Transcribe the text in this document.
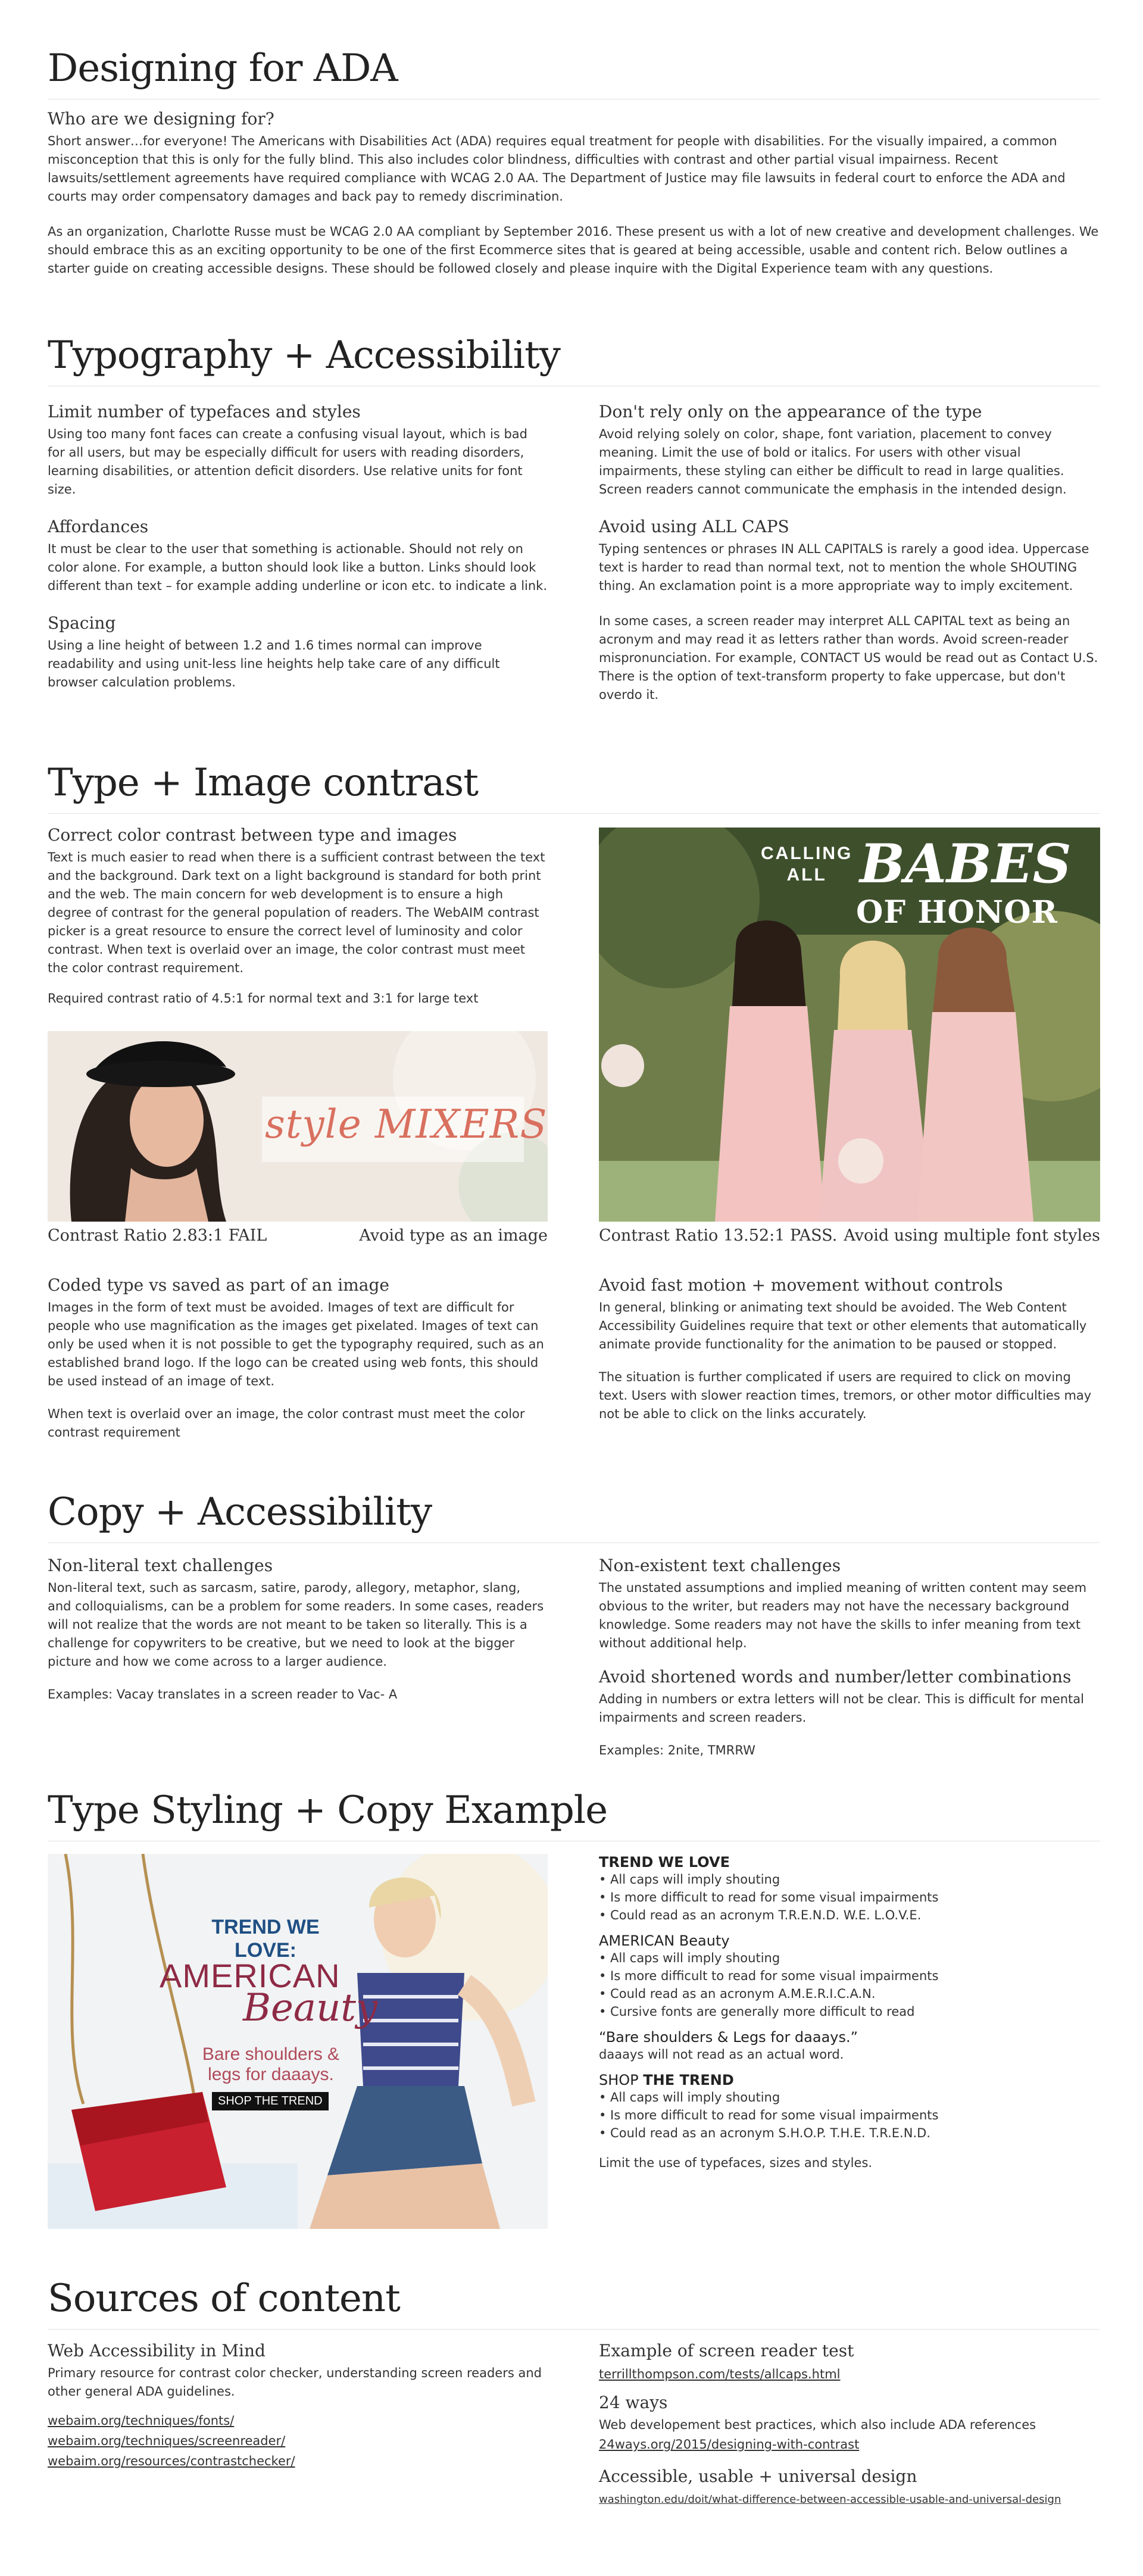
Designing for ADA
Who are we designing for?

Short answer…for everyone! The Americans with Disabilities Act (ADA) requires equal treatment for people with disabilities. For the visually impaired, a common misconception that this is only for the fully blind. This also includes color blindness, difficulties with contrast and other partial visual impairness. Recent lawsuits/settlement agreements have required compliance with WCAG 2.0 AA. The Department of Justice may file lawsuits in federal court to enforce the ADA and courts may order compensatory damages and back pay to remedy discrimination.

As an organization, Charlotte Russe must be WCAG 2.0 AA compliant by September 2016. These present us with a lot of new creative and development challenges. We should embrace this as an exciting opportunity to be one of the first Ecommerce sites that is geared at being accessible, usable and content rich. Below outlines a starter guide on creating accessible designs. These should be followed closely and please inquire with the Digital Experience team with any questions.

Typography + Accessibility
Limit number of typefaces and styles

Using too many font faces can create a confusing visual layout, which is bad for all users, but may be especially difficult for users with reading disorders, learning disabilities, or attention deficit disorders. Use relative units for font size.

Affordances

It must be clear to the user that something is actionable. Should not rely on color alone. For example, a button should look like a button. Links should look different than text – for example adding underline or icon etc. to indicate a link.

Spacing

Using a line height of between 1.2 and 1.6 times normal can improve readability and using unit-less line heights help take care of any difficult browser calculation problems.

Don't rely only on the appearance of the type

Avoid relying solely on color, shape, font variation, placement to convey meaning. Limit the use of bold or italics. For users with other visual impairments, these styling can either be difficult to read in large qualities. Screen readers cannot communicate the emphasis in the intended design.

Avoid using ALL CAPS

Typing sentences or phrases IN ALL CAPITALS is rarely a good idea. Uppercase text is harder to read than normal text, not to mention the whole SHOUTING thing. An exclamation point is a more appropriate way to imply excitement.

In some cases, a screen reader may interpret ALL CAPITAL text as being an acronym and may read it as letters rather than words. Avoid screen-reader mispronunciation. For example, CONTACT US would be read out as Contact U.S. There is the option of text-transform property to fake uppercase, but don't overdo it.

Type + Image contrast
Correct color contrast between type and images

Text is much easier to read when there is a sufficient contrast between the text and the background. Dark text on a light background is standard for both print and the web. The main concern for web development is to ensure a high degree of contrast for the general population of readers. The WebAIM contrast picker is a great resource to ensure the correct level of luminosity and color contrast. When text is overlaid over an image, the color contrast must meet the color contrast requirement.

Required contrast ratio of 4.5:1 for normal text and 3:1 for large text

style MIXERS
Contrast Ratio 2.83:1 FAIL	Avoid type as an image
CALLING
ALL BABES
OF HONOR
Contrast Ratio 13.52:1 PASS. Avoid using multiple font styles
Coded type vs saved as part of an image

Images in the form of text must be avoided. Images of text are difficult for people who use magnification as the images get pixelated. Images of text can only be used when it is not possible to get the typography required, such as an established brand logo. If the logo can be created using web fonts, this should be used instead of an image of text.

When text is overlaid over an image, the color contrast must meet the color contrast requirement

Avoid fast motion + movement without controls

In general, blinking or animating text should be avoided. The Web Content Accessibility Guidelines require that text or other elements that automatically animate provide functionality for the animation to be paused or stopped.

The situation is further complicated if users are required to click on moving text. Users with slower reaction times, tremors, or other motor difficulties may not be able to click on the links accurately.

Copy + Accessibility
Non-literal text challenges

Non-literal text, such as sarcasm, satire, parody, allegory, metaphor, slang, and colloquialisms, can be a problem for some readers. In some cases, readers will not realize that the words are not meant to be taken so literally. This is a challenge for copywriters to be creative, but we need to look at the bigger picture and how we come across to a larger audience.

Examples: Vacay translates in a screen reader to Vac- A

Non-existent text challenges

The unstated assumptions and implied meaning of written content may seem obvious to the writer, but readers may not have the necessary background knowledge. Some readers may not have the skills to infer meaning from text without additional help.

Avoid shortened words and number/letter combinations

Adding in numbers or extra letters will not be clear. This is difficult for mental impairments and screen readers.

Examples: 2nite, TMRRW

Type Styling + Copy Example
TREND WE LOVE:
AMERICAN
Beauty
Bare shoulders &
legs for daaays.
SHOP THE TREND
TREND WE LOVE
• All caps will imply shouting
• Is more difficult to read for some visual impairments
• Could read as an acronym T.R.E.N.D. W.E. L.O.V.E.
AMERICAN Beauty
• All caps will imply shouting
• Is more difficult to read for some visual impairments
• Could read as an acronym A.M.E.R.I.C.A.N.
• Cursive fonts are generally more difficult to read
“Bare shoulders & Legs for daaays.”
daaays will not read as an actual word.
SHOP THE TREND
• All caps will imply shouting
• Is more difficult to read for some visual impairments
• Could read as an acronym S.H.O.P. T.H.E. T.R.E.N.D.

Limit the use of typefaces, sizes and styles.

Sources of content
Web Accessibility in Mind

Primary resource for contrast color checker, understanding screen readers and other general ADA guidelines.

webaim.org/techniques/fonts/
webaim.org/techniques/screenreader/
webaim.org/resources/contrastchecker/
Example of screen reader test
terrillthompson.com/tests/allcaps.html
24 ways

Web developement best practices, which also include ADA references

24ways.org/2015/designing-with-contrast
Accessible, usable + universal design
washington.edu/doit/what-difference-between-accessible-usable-and-universal-design
